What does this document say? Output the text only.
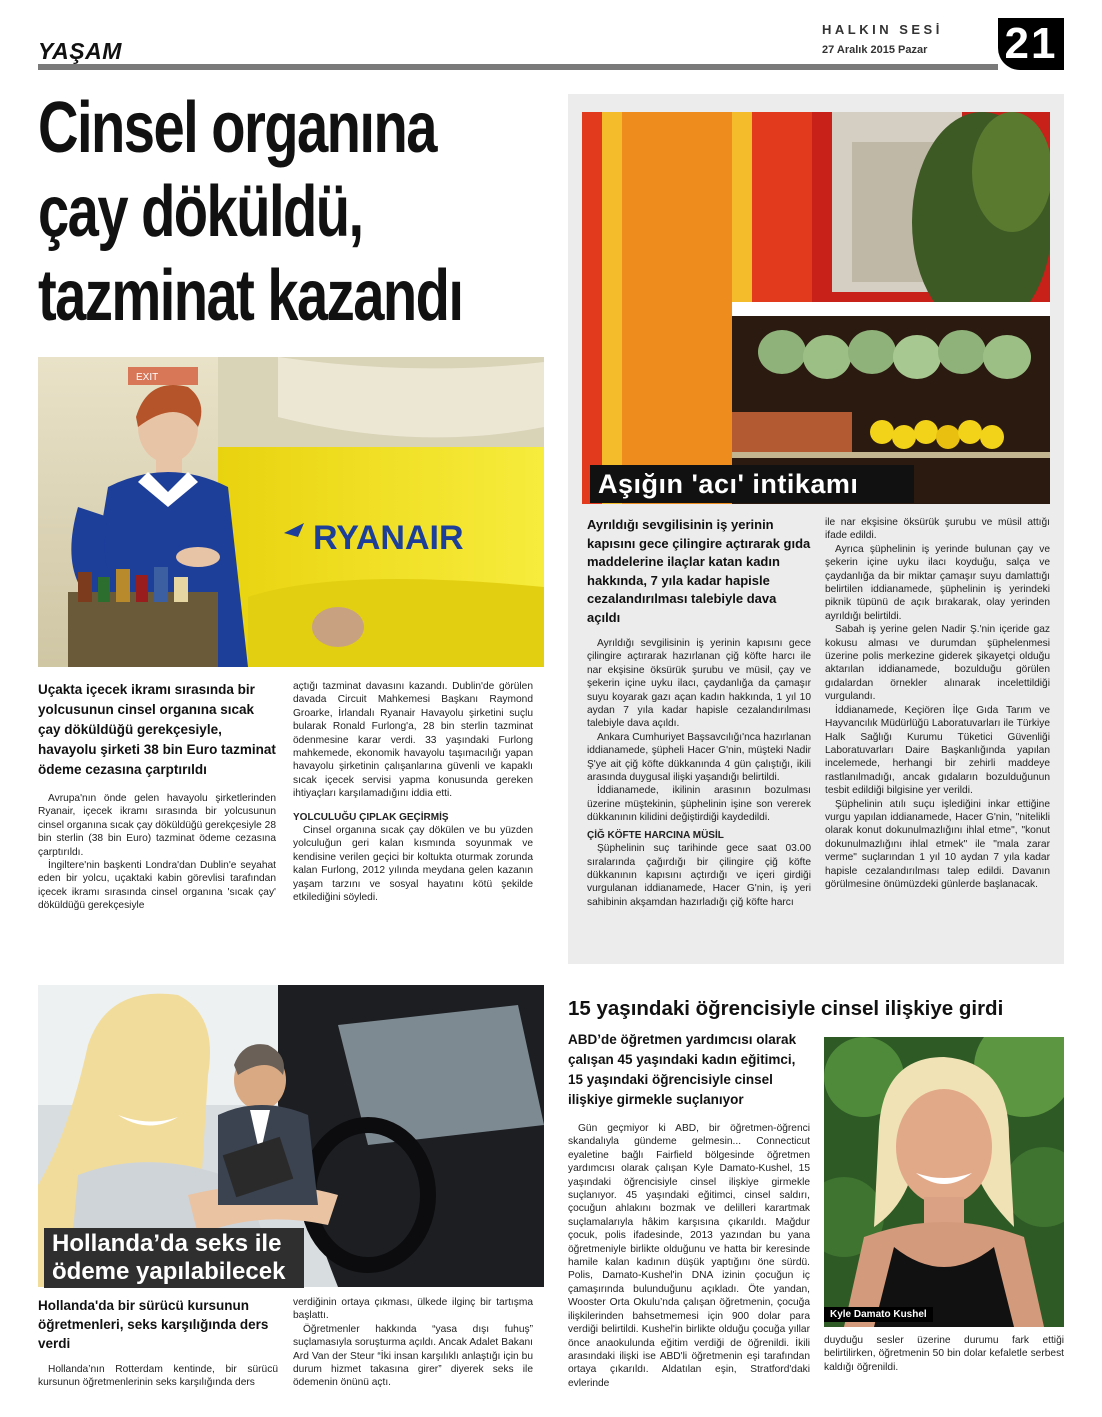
YAŞAM
HALKIN SESİ
27 Aralık 2015 Pazar 21
Cinsel organına
çay döküldü,
tazminat kazandı
EXIT
RYANAIR
Uçakta içecek ikramı sırasında bir yolcusunun cinsel organına sıcak çay döküldüğü gerekçesiyle, havayolu şirketi 38 bin Euro tazminat ödeme cezasına çarptırıldı

Avrupa'nın önde gelen havayolu şirketlerinden Ryanair, içecek ikramı sırasında bir yolcusunun cinsel organına sıcak çay döküldüğü gerekçesiyle 28 bin sterlin (38 bin Euro) tazminat ödeme cezasına çarptırıldı.

İngiltere'nin başkenti Londra'dan Dublin'e seyahat eden bir yolcu, uçaktaki kabin görevlisi tarafından içecek ikramı sırasında cinsel organına 'sıcak çay' döküldüğü gerekçesiyle

açtığı tazminat davasını kazandı. Dublin'de görülen davada Circuit Mahkemesi Başkanı Raymond Groarke, İrlandalı Ryanair Havayolu şirketini suçlu bularak Ronald Furlong'a, 28 bin sterlin tazminat ödenmesine karar verdi. 33 yaşındaki Furlong mahkemede, ekonomik havayolu taşımacılığı yapan havayolu şirketinin çalışanlarına güvenli ve kapaklı sıcak içecek servisi yapma konusunda gereken ihtiyaçları karşılamadığını iddia etti.

YOLCULUĞU ÇIPLAK GEÇİRMİŞ

Cinsel organına sıcak çay dökülen ve bu yüzden yolculuğun geri kalan kısmında soyunmak ve kendisine verilen geçici bir koltukta oturmak zorunda kalan Furlong, 2012 yılında meydana gelen kazanın yaşam tarzını ve sosyal hayatını kötü şekilde etkilediğini söyledi.

Aşığın 'acı' intikamı
Ayrıldığı sevgilisinin iş yerinin kapısını gece çilingire açtırarak gıda maddelerine ilaçlar katan kadın hakkında, 7 yıla kadar hapisle cezalandırılması talebiyle dava açıldı

Ayrıldığı sevgilisinin iş yerinin kapısını gece çilingire açtırarak hazırlanan çiğ köfte harcı ile nar ekşisine öksürük şurubu ve müsil, çay ve şekerin içine uyku ilacı, çaydanlığa da çamaşır suyu koyarak gazı açan kadın hakkında, 1 yıl 10 aydan 7 yıla kadar hapisle cezalandırılması talebiyle dava açıldı.

Ankara Cumhuriyet Başsavcılığı'nca hazırlanan iddianamede, şüpheli Hacer G'nin, müşteki Nadir Ş'ye ait çiğ köfte dükkanında 4 gün çalıştığı, ikili arasında duygusal ilişki yaşandığı belirtildi.

İddianamede, ikilinin arasının bozulması üzerine müştekinin, şüphelinin işine son vererek dükkanının kilidini değiştirdiği kaydedildi.

ÇİĞ KÖFTE HARCINA MÜSİL

Şüphelinin suç tarihinde gece saat 03.00 sıralarında çağırdığı bir çilingire çiğ köfte dükkanının kapısını açtırdığı ve içeri girdiği vurgulanan iddianamede, Hacer G'nin, iş yeri sahibinin akşamdan hazırladığı çiğ köfte harcı

ile nar ekşisine öksürük şurubu ve müsil attığı ifade edildi.

Ayrıca şüphelinin iş yerinde bulunan çay ve şekerin içine uyku ilacı koyduğu, salça ve çaydanlığa da bir miktar çamaşır suyu damlattığı belirtilen iddianamede, şüphelinin iş yerindeki piknik tüpünü de açık bırakarak, olay yerinden ayrıldığı belirtildi.

Sabah iş yerine gelen Nadir Ş.'nin içeride gaz kokusu alması ve durumdan şüphelenmesi üzerine polis merkezine giderek şikayetçi olduğu aktarılan iddianamede, bozulduğu görülen gıdalardan örnekler alınarak incelettildiği vurgulandı.

İddianamede, Keçiören İlçe Gıda Tarım ve Hayvancılık Müdürlüğü Laboratuvarları ile Türkiye Halk Sağlığı Kurumu Tüketici Güvenliği Laboratuvarları Daire Başkanlığında yapılan incelemede, herhangi bir zehirli maddeye rastlanılmadığı, ancak gıdaların bozulduğunun tesbit edildiği bilgisine yer verildi.

Şüphelinin atılı suçu işlediğini inkar ettiğine vurgu yapılan iddianamede, Hacer G'nin, "nitelikli olarak konut dokunulmazlığını ihlal etme", "konut dokunulmazlığını ihlal etmek" ile "mala zarar verme" suçlarından 1 yıl 10 aydan 7 yıla kadar hapisle cezalandırılması talep edildi. Davanın görülmesine önümüzdeki günlerde başlanacak.

Hollanda’da seks ile
ödeme yapılabilecek
Hollanda'da bir sürücü kursunun öğretmenleri, seks karşılığında ders verdi

Hollanda’nın Rotterdam kentinde, bir sürücü kursunun öğretmenlerinin seks karşılığında ders

verdiğinin ortaya çıkması, ülkede ilginç bir tartışma başlattı.

Öğretmenler hakkında “yasa dışı fuhuş” suçlamasıyla soruşturma açıldı. Ancak Adalet Bakanı Ard Van der Steur “İki insan karşılıklı anlaştığı için bu durum hizmet takasına girer” diyerek seks ile ödemenin önünü açtı.

15 yaşındaki öğrencisiyle cinsel ilişkiye girdi
ABD’de öğretmen yardımcısı olarak çalışan 45 yaşındaki kadın eğitimci, 15 yaşındaki öğrencisiyle cinsel ilişkiye girmekle suçlanıyor

Gün geçmiyor ki ABD, bir öğretmen-öğrenci skandalıyla gündeme gelmesin... Connecticut eyaletine bağlı Fairfield bölgesinde öğretmen yardımcısı olarak çalışan Kyle Damato-Kushel, 15 yaşındaki öğrencisiyle cinsel ilişkiye girmekle suçlanıyor. 45 yaşındaki eğitimci, cinsel saldırı, çocuğun ahlakını bozmak ve delilleri karartmak suçlamalarıyla hâkim karşısına çıkarıldı. Mağdur çocuk, polis ifadesinde, 2013 yazından bu yana öğretmeniyle birlikte olduğunu ve hatta bir keresinde hamile kalan kadının düşük yaptığını öne sürdü. Polis, Damato-Kushel'in DNA izinin çocuğun iç çamaşırında bulunduğunu açıkladı. Öte yandan, Wooster Orta Okulu’nda çalışan öğretmenin, çocuğa ilişkilerinden bahsetmemesi için 900 dolar para verdiği belirtildi. Kushel'in birlikte olduğu çocuğa yıllar önce anaokulunda eğitim verdiği de öğrenildi. İkili arasındaki ilişki ise ABD'li öğretmenin eşi tarafından ortaya çıkarıldı. Aldatılan eşin, Stratford'daki evlerinde

Kyle Damato Kushel

duyduğu sesler üzerine durumu fark ettiği belirtilirken, öğretmenin 50 bin dolar kefaletle serbest kaldığı öğrenildi.
